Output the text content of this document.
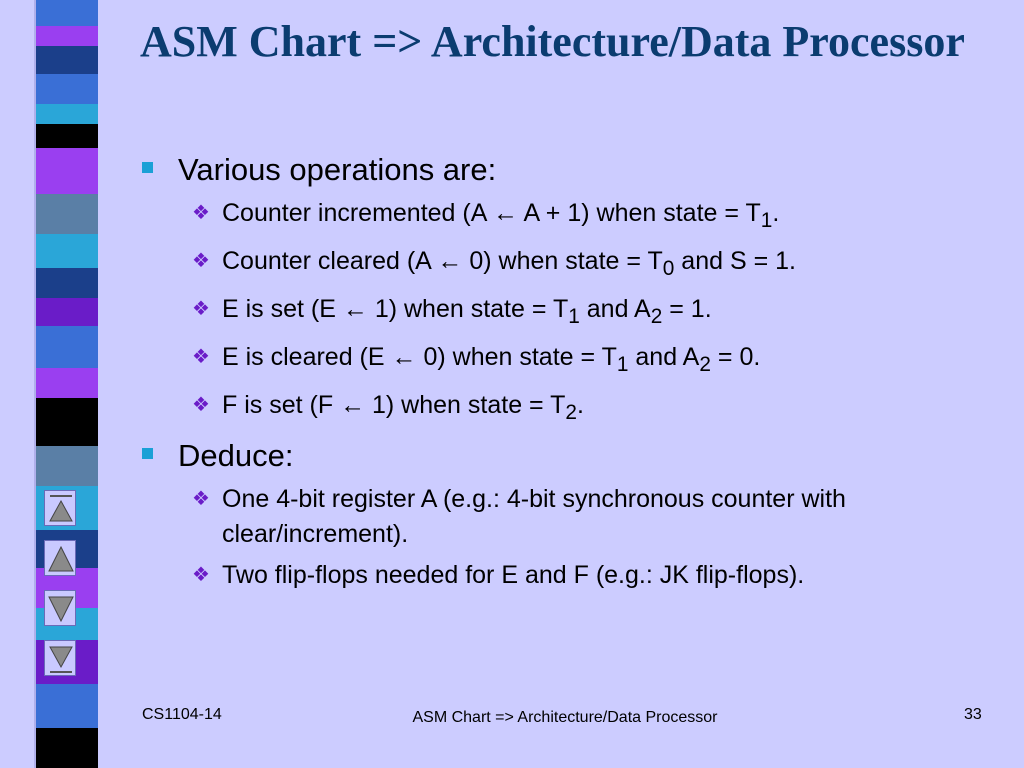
ASM Chart => Architecture/Data Processor
Various operations are:
❖ Counter incremented (A ← A + 1) when state = $T_1$.
❖ Counter cleared (A ← 0) when state = $T_0$ and S = 1.
❖ E is set (E ← 1) when state = $T_1$ and $A_2 = 1$.
❖ E is cleared (E ← 0) when state = $T_1$ and $A_2 = 0$.
❖ F is set (F ← 1) when state = $T_2$.
Deduce:
❖ One 4-bit register A (e.g.: 4-bit synchronous counter with clear/increment).
❖ Two flip-flops needed for E and F (e.g.: JK flip-flops).
CS1104-14	ASM Chart => Architecture/Data Processor	33
